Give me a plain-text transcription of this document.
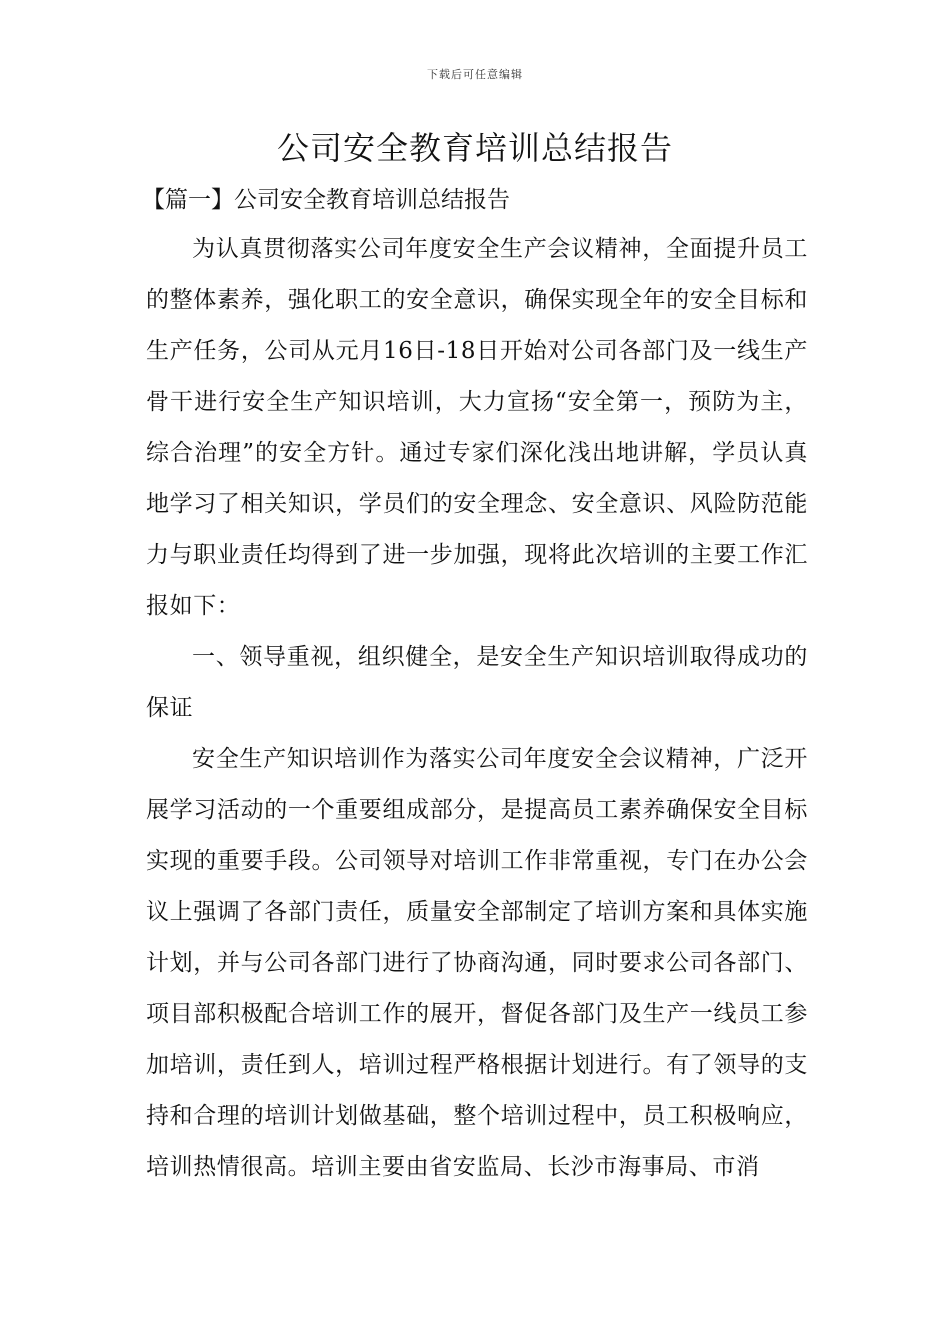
下载后可任意编辑
公司安全教育培训总结报告
【篇一】公司安全教育培训总结报告

为认真贯彻落实公司年度安全生产会议精神，全面提升员工的整体素养，强化职工的安全意识，确保实现全年的安全目标和生产任务，公司从元月16日-18日开始对公司各部门及一线生产骨干进行安全生产知识培训，大力宣扬“安全第一，预防为主，综合治理”的安全方针。通过专家们深化浅出地讲解，学员认真地学习了相关知识，学员们的安全理念、安全意识、风险防范能力与职业责任均得到了进一步加强，现将此次培训的主要工作汇报如下：

一、领导重视，组织健全，是安全生产知识培训取得成功的保证

安全生产知识培训作为落实公司年度安全会议精神，广泛开展学习活动的一个重要组成部分，是提高员工素养确保安全目标实现的重要手段。公司领导对培训工作非常重视，专门在办公会议上强调了各部门责任，质量安全部制定了培训方案和具体实施计划，并与公司各部门进行了协商沟通，同时要求公司各部门、项目部积极配合培训工作的展开，督促各部门及生产一线员工参加培训，责任到人，培训过程严格根据计划进行。有了领导的支持和合理的培训计划做基础，整个培训过程中，员工积极响应，培训热情很高。培训主要由省安监局、长沙市海事局、市消
